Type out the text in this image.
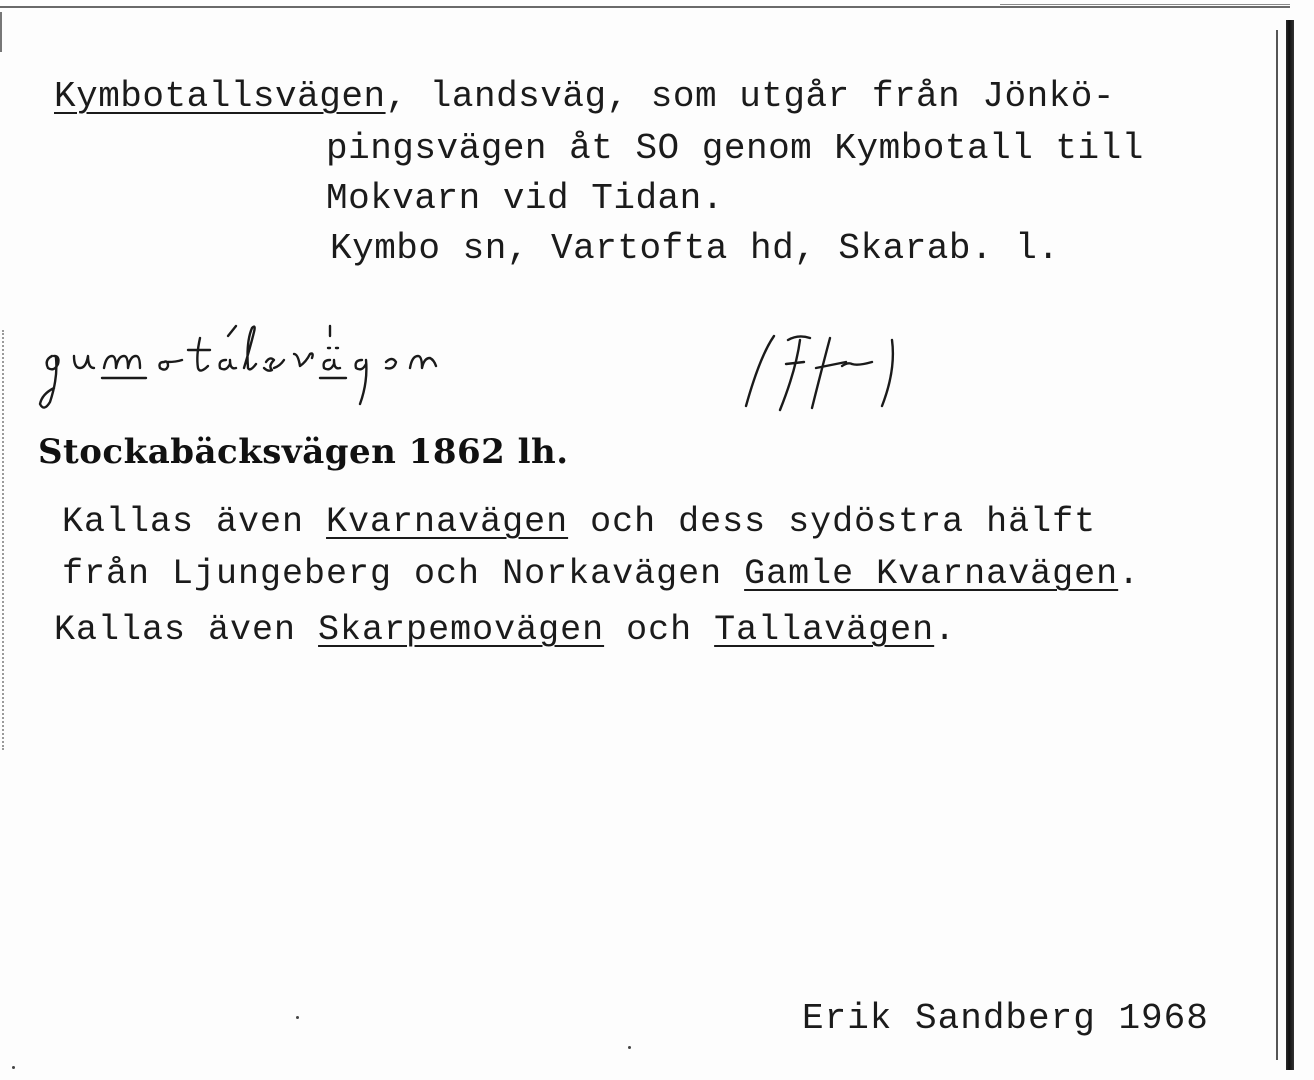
Kymbotallsvägen, landsväg, som utgår från Jönkö-
pingsvägen åt SO genom Kymbotall till
Mokvarn vid Tidan.
Kymbo sn, Vartofta hd, Skarab. l.
Stockabäcksvägen 1862 lh.
Kallas även Kvarnavägen och dess sydöstra hälft
från Ljungeberg och Norkavägen Gamle Kvarnavägen.
Kallas även Skarpemovägen och Tallavägen.
Erik Sandberg 1968
